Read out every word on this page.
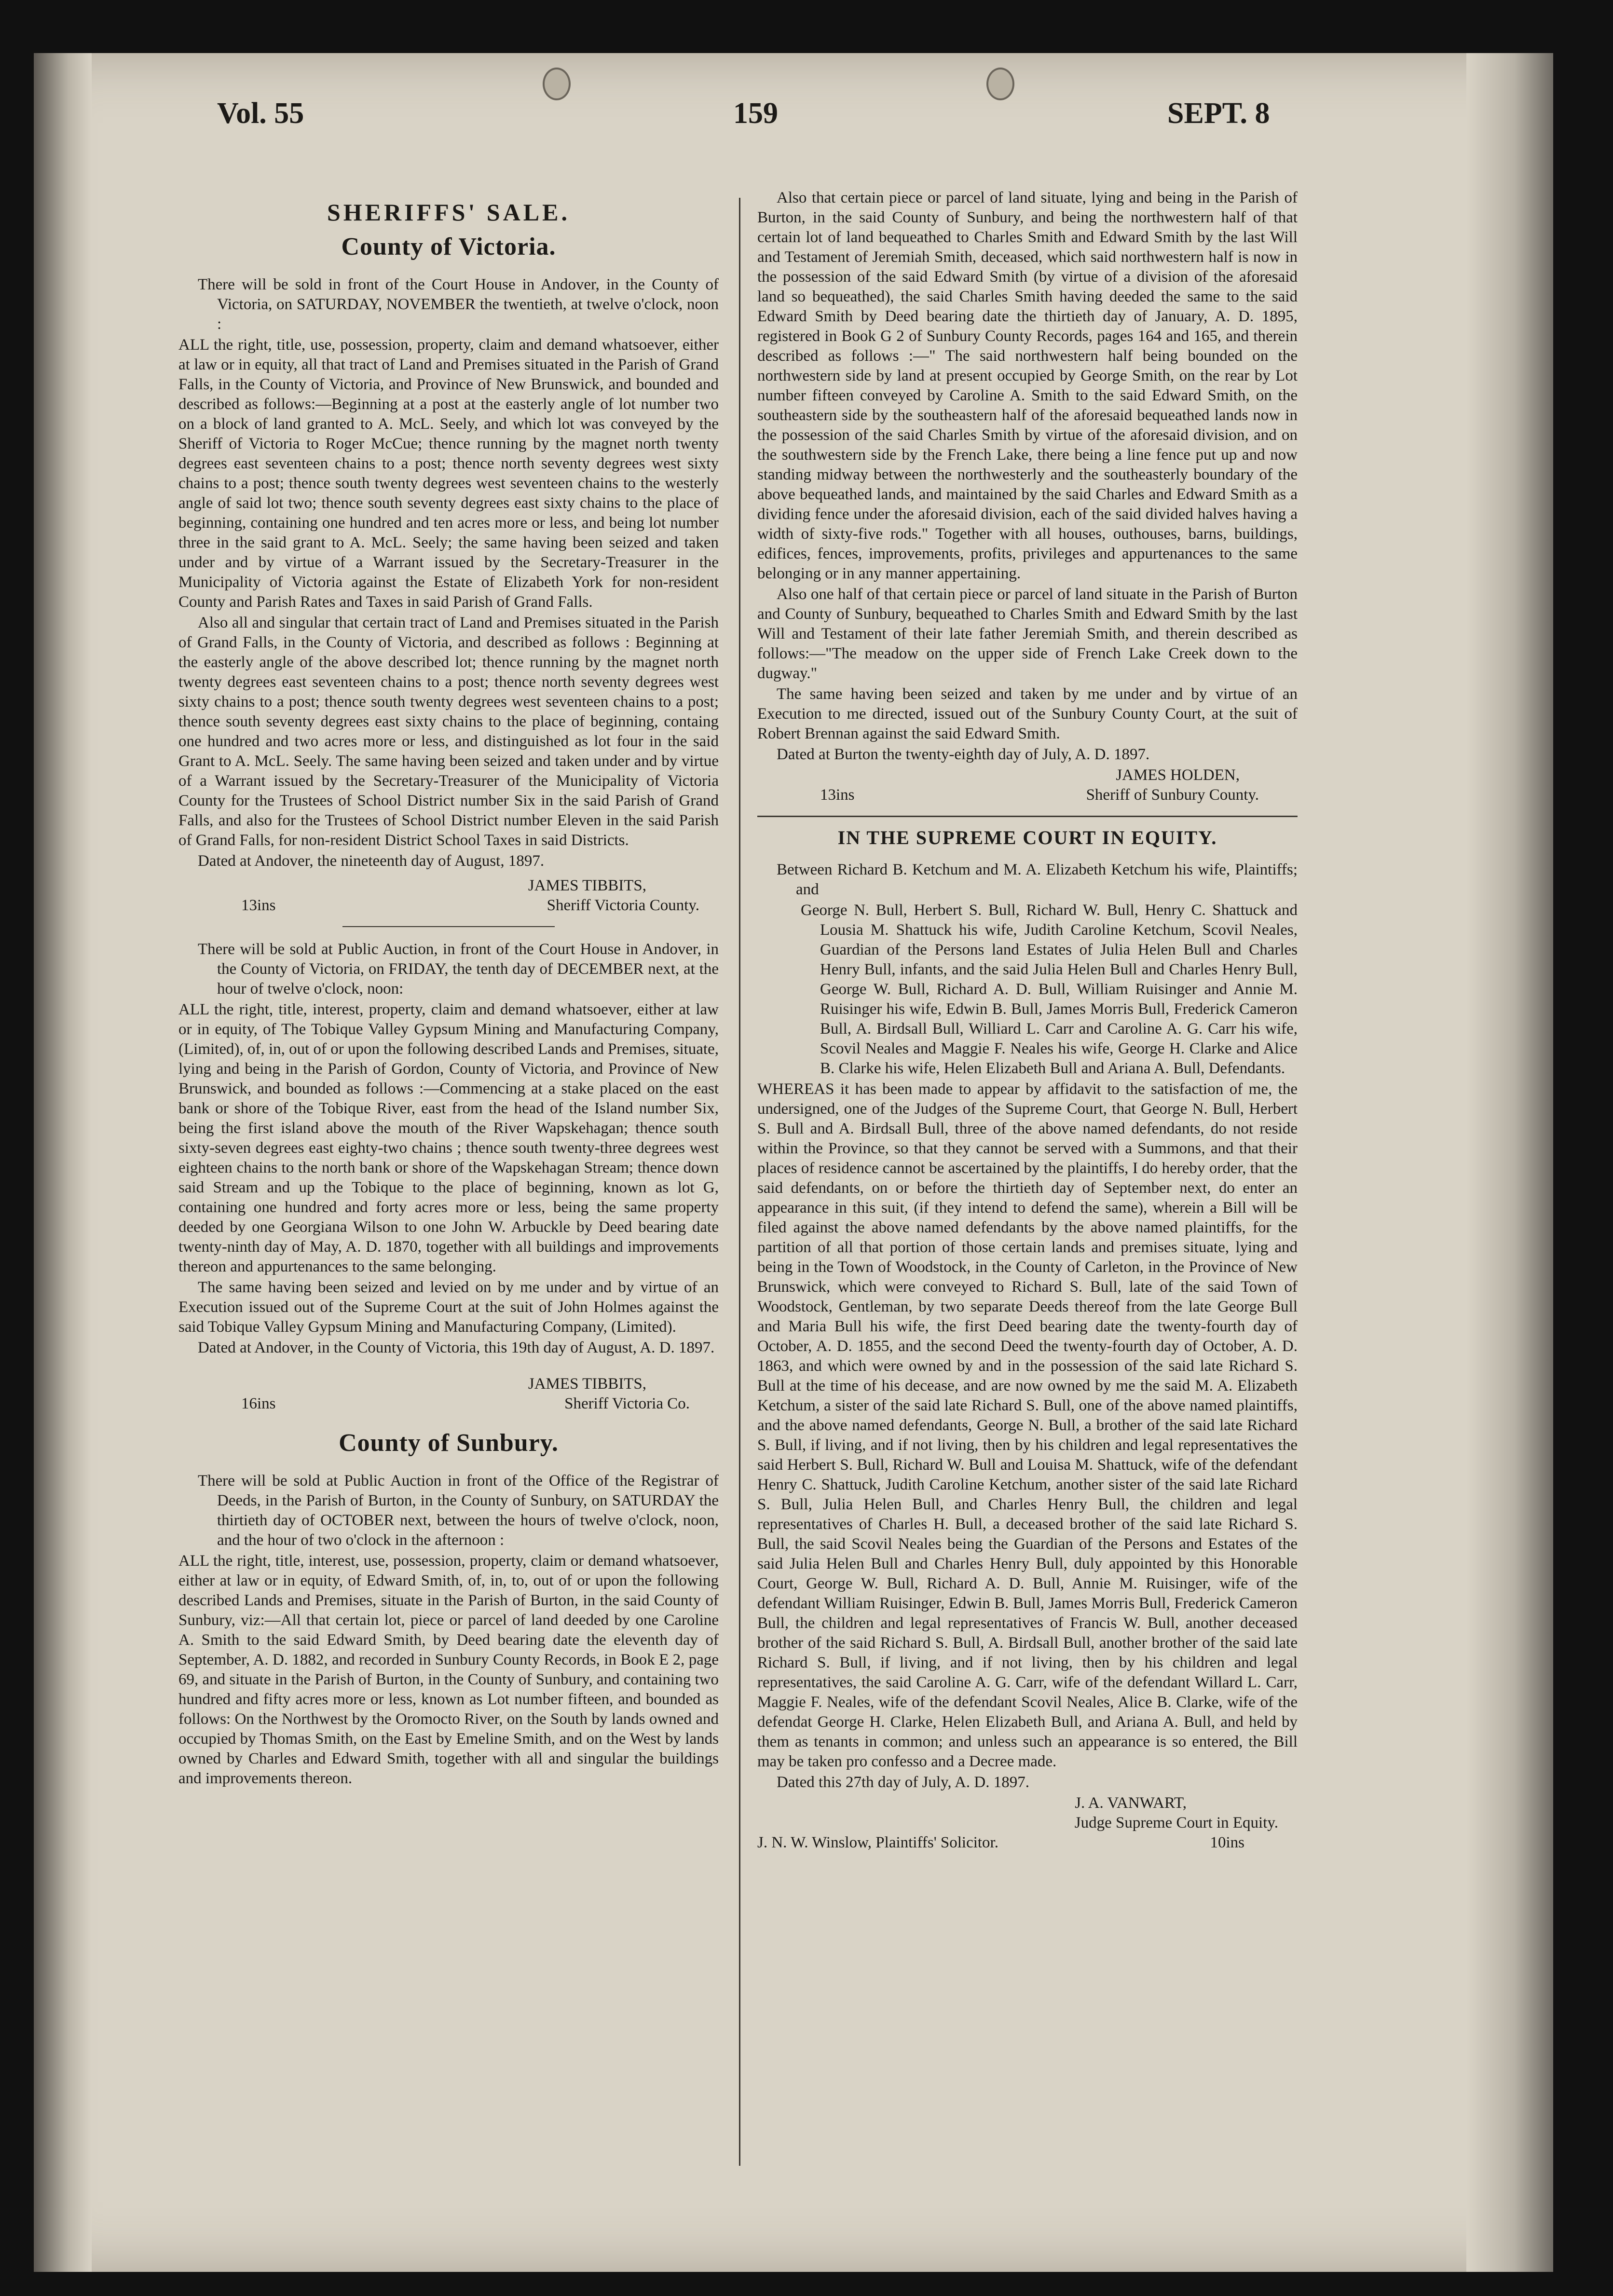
Vol. 55	159	SEPT. 8
SHERIFFS' SALE.
County of Victoria.

There will be sold in front of the Court House in Andover, in the County of Victoria, on SATURDAY, NOVEMBER the twentieth, at twelve o'clock, noon :

ALL the right, title, use, possession, property, claim and demand whatsoever, either at law or in equity, all that tract of Land and Premises situated in the Parish of Grand Falls, in the County of Victoria, and Province of New Brunswick, and bounded and described as follows:—Beginning at a post at the easterly angle of lot number two on a block of land granted to A. McL. Seely, and which lot was conveyed by the Sheriff of Victoria to Roger McCue; thence running by the magnet north twenty degrees east seventeen chains to a post; thence north seventy degrees west sixty chains to a post; thence south twenty degrees west seventeen chains to the westerly angle of said lot two; thence south seventy degrees east sixty chains to the place of beginning, containing one hundred and ten acres more or less, and being lot number three in the said grant to A. McL. Seely; the same having been seized and taken under and by virtue of a Warrant issued by the Secretary-Treasurer in the Municipality of Victoria against the Estate of Elizabeth York for non-resident County and Parish Rates and Taxes in said Parish of Grand Falls.

Also all and singular that certain tract of Land and Premises situated in the Parish of Grand Falls, in the County of Victoria, and described as follows : Beginning at the easterly angle of the above described lot; thence running by the magnet north twenty degrees east seventeen chains to a post; thence north seventy degrees west sixty chains to a post; thence south twenty degrees west seventeen chains to a post; thence south seventy degrees east sixty chains to the place of beginning, containg one hundred and two acres more or less, and distinguished as lot four in the said Grant to A. McL. Seely. The same having been seized and taken under and by virtue of a Warrant issued by the Secretary-Treasurer of the Municipality of Victoria County for the Trustees of School District number Six in the said Parish of Grand Falls, and also for the Trustees of School District number Eleven in the said Parish of Grand Falls, for non-resident District School Taxes in said Districts.

Dated at Andover, the nineteenth day of August, 1897.

JAMES TIBBITS,
13ins	Sheriff Victoria County.

There will be sold at Public Auction, in front of the Court House in Andover, in the County of Victoria, on FRIDAY, the tenth day of DECEMBER next, at the hour of twelve o'clock, noon:

ALL the right, title, interest, property, claim and demand whatsoever, either at law or in equity, of The Tobique Valley Gypsum Mining and Manufacturing Company, (Limited), of, in, out of or upon the following described Lands and Premises, situate, lying and being in the Parish of Gordon, County of Victoria, and Province of New Brunswick, and bounded as follows :—Commencing at a stake placed on the east bank or shore of the Tobique River, east from the head of the Island number Six, being the first island above the mouth of the River Wapskehagan; thence south sixty-seven degrees east eighty-two chains ; thence south twenty-three degrees west eighteen chains to the north bank or shore of the Wapskehagan Stream; thence down said Stream and up the Tobique to the place of beginning, known as lot G, containing one hundred and forty acres more or less, being the same property deeded by one Georgiana Wilson to one John W. Arbuckle by Deed bearing date twenty-ninth day of May, A. D. 1870, together with all buildings and improvements thereon and appurtenances to the same belonging.

The same having been seized and levied on by me under and by virtue of an Execution issued out of the Supreme Court at the suit of John Holmes against the said Tobique Valley Gypsum Mining and Manufacturing Company, (Limited).

Dated at Andover, in the County of Victoria, this 19th day of August, A. D. 1897.

JAMES TIBBITS,
16ins	Sheriff Victoria Co.
County of Sunbury.

There will be sold at Public Auction in front of the Office of the Registrar of Deeds, in the Parish of Burton, in the County of Sunbury, on SATURDAY the thirtieth day of OCTOBER next, between the hours of twelve o'clock, noon, and the hour of two o'clock in the afternoon :

ALL the right, title, interest, use, possession, property, claim or demand whatsoever, either at law or in equity, of Edward Smith, of, in, to, out of or upon the following described Lands and Premises, situate in the Parish of Burton, in the said County of Sunbury, viz:—All that certain lot, piece or parcel of land deeded by one Caroline A. Smith to the said Edward Smith, by Deed bearing date the eleventh day of September, A. D. 1882, and recorded in Sunbury County Records, in Book E 2, page 69, and situate in the Parish of Burton, in the County of Sunbury, and containing two hundred and fifty acres more or less, known as Lot number fifteen, and bounded as follows: On the Northwest by the Oromocto River, on the South by lands owned and occupied by Thomas Smith, on the East by Emeline Smith, and on the West by lands owned by Charles and Edward Smith, together with all and singular the buildings and improvements thereon.

Also that certain piece or parcel of land situate, lying and being in the Parish of Burton, in the said County of Sunbury, and being the northwestern half of that certain lot of land bequeathed to Charles Smith and Edward Smith by the last Will and Testament of Jeremiah Smith, deceased, which said northwestern half is now in the possession of the said Edward Smith (by virtue of a division of the aforesaid land so bequeathed), the said Charles Smith having deeded the same to the said Edward Smith by Deed bearing date the thirtieth day of January, A. D. 1895, registered in Book G 2 of Sunbury County Records, pages 164 and 165, and therein described as follows :—" The said northwestern half being bounded on the northwestern side by land at present occupied by George Smith, on the rear by Lot number fifteen conveyed by Caroline A. Smith to the said Edward Smith, on the southeastern side by the southeastern half of the aforesaid bequeathed lands now in the possession of the said Charles Smith by virtue of the aforesaid division, and on the southwestern side by the French Lake, there being a line fence put up and now standing midway between the northwesterly and the southeasterly boundary of the above bequeathed lands, and maintained by the said Charles and Edward Smith as a dividing fence under the aforesaid division, each of the said divided halves having a width of sixty-five rods." Together with all houses, outhouses, barns, buildings, edifices, fences, improvements, profits, privileges and appurtenances to the same belonging or in any manner appertaining.

Also one half of that certain piece or parcel of land situate in the Parish of Burton and County of Sunbury, bequeathed to Charles Smith and Edward Smith by the last Will and Testament of their late father Jeremiah Smith, and therein described as follows:—"The meadow on the upper side of French Lake Creek down to the dugway."

The same having been seized and taken by me under and by virtue of an Execution to me directed, issued out of the Sunbury County Court, at the suit of Robert Brennan against the said Edward Smith.

Dated at Burton the twenty-eighth day of July, A. D. 1897.

JAMES HOLDEN,
13ins	Sheriff of Sunbury County.
IN THE SUPREME COURT IN EQUITY.

Between Richard B. Ketchum and M. A. Elizabeth Ketchum his wife, Plaintiffs; and

George N. Bull, Herbert S. Bull, Richard W. Bull, Henry C. Shattuck and Lousia M. Shattuck his wife, Judith Caroline Ketchum, Scovil Neales, Guardian of the Persons land Estates of Julia Helen Bull and Charles Henry Bull, infants, and the said Julia Helen Bull and Charles Henry Bull, George W. Bull, Richard A. D. Bull, William Ruisinger and Annie M. Ruisinger his wife, Edwin B. Bull, James Morris Bull, Frederick Cameron Bull, A. Birdsall Bull, Williard L. Carr and Caroline A. G. Carr his wife, Scovil Neales and Maggie F. Neales his wife, George H. Clarke and Alice B. Clarke his wife, Helen Elizabeth Bull and Ariana A. Bull, Defendants.

WHEREAS it has been made to appear by affidavit to the satisfaction of me, the undersigned, one of the Judges of the Supreme Court, that George N. Bull, Herbert S. Bull and A. Birdsall Bull, three of the above named defendants, do not reside within the Province, so that they cannot be served with a Summons, and that their places of residence cannot be ascertained by the plaintiffs, I do hereby order, that the said defendants, on or before the thirtieth day of September next, do enter an appearance in this suit, (if they intend to defend the same), wherein a Bill will be filed against the above named defendants by the above named plaintiffs, for the partition of all that portion of those certain lands and premises situate, lying and being in the Town of Woodstock, in the County of Carleton, in the Province of New Brunswick, which were conveyed to Richard S. Bull, late of the said Town of Woodstock, Gentleman, by two separate Deeds thereof from the late George Bull and Maria Bull his wife, the first Deed bearing date the twenty-fourth day of October, A. D. 1855, and the second Deed the twenty-fourth day of October, A. D. 1863, and which were owned by and in the possession of the said late Richard S. Bull at the time of his decease, and are now owned by me the said M. A. Elizabeth Ketchum, a sister of the said late Richard S. Bull, one of the above named plaintiffs, and the above named defendants, George N. Bull, a brother of the said late Richard S. Bull, if living, and if not living, then by his children and legal representatives the said Herbert S. Bull, Richard W. Bull and Louisa M. Shattuck, wife of the defendant Henry C. Shattuck, Judith Caroline Ketchum, another sister of the said late Richard S. Bull, Julia Helen Bull, and Charles Henry Bull, the children and legal representatives of Charles H. Bull, a deceased brother of the said late Richard S. Bull, the said Scovil Neales being the Guardian of the Persons and Estates of the said Julia Helen Bull and Charles Henry Bull, duly appointed by this Honorable Court, George W. Bull, Richard A. D. Bull, Annie M. Ruisinger, wife of the defendant William Ruisinger, Edwin B. Bull, James Morris Bull, Frederick Cameron Bull, the children and legal representatives of Francis W. Bull, another deceased brother of the said Richard S. Bull, A. Birdsall Bull, another brother of the said late Richard S. Bull, if living, and if not living, then by his children and legal representatives, the said Caroline A. G. Carr, wife of the defendant Willard L. Carr, Maggie F. Neales, wife of the defendant Scovil Neales, Alice B. Clarke, wife of the defendat George H. Clarke, Helen Elizabeth Bull, and Ariana A. Bull, and held by them as tenants in common; and unless such an appearance is so entered, the Bill may be taken pro confesso and a Decree made.

Dated this 27th day of July, A. D. 1897.

J. A. VANWART,
Judge Supreme Court in Equity.
J. N. W. Winslow, Plaintiffs' Solicitor.	10ins
